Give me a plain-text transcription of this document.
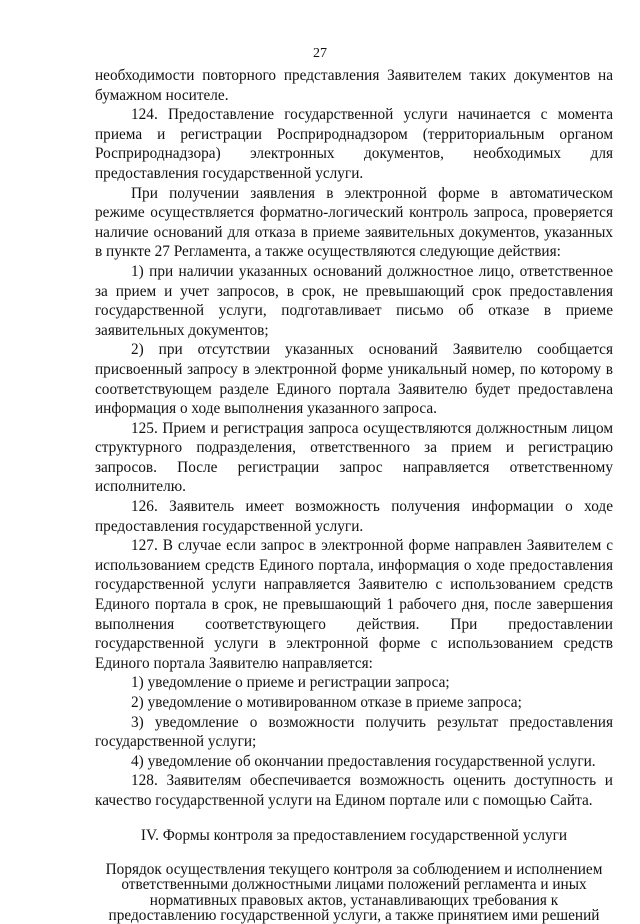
27

необходимости повторного представления Заявителем таких документов на бумажном носителе.

124. Предоставление государственной услуги начинается с момента приема и регистрации Росприроднадзором (территориальным органом Росприроднадзора) электронных документов, необходимых для предоставления государственной услуги.

При получении заявления в электронной форме в автоматическом режиме осуществляется форматно-логический контроль запроса, проверяется наличие оснований для отказа в приеме заявительных документов, указанных в пункте 27 Регламента, а также осуществляются следующие действия:

1) при наличии указанных оснований должностное лицо, ответственное за прием и учет запросов, в срок, не превышающий срок предоставления государственной услуги, подготавливает письмо об отказе в приеме заявительных документов;

2) при отсутствии указанных оснований Заявителю сообщается присвоенный запросу в электронной форме уникальный номер, по которому в соответствующем разделе Единого портала Заявителю будет предоставлена информация о ходе выполнения указанного запроса.

125. Прием и регистрация запроса осуществляются должностным лицом структурного подразделения, ответственного за прием и регистрацию запросов. После регистрации запрос направляется ответственному исполнителю.

126. Заявитель имеет возможность получения информации о ходе предоставления государственной услуги.

127. В случае если запрос в электронной форме направлен Заявителем с использованием средств Единого портала, информация о ходе предоставления государственной услуги направляется Заявителю с использованием средств Единого портала в срок, не превышающий 1 рабочего дня, после завершения выполнения соответствующего действия. При предоставлении государственной услуги в электронной форме с использованием средств Единого портала Заявителю направляется:

1) уведомление о приеме и регистрации запроса;

2) уведомление о мотивированном отказе в приеме запроса;

3) уведомление о возможности получить результат предоставления государственной услуги;

4) уведомление об окончании предоставления государственной услуги.

128. Заявителям обеспечивается возможность оценить доступность и качество государственной услуги на Едином портале или с помощью Сайта.

IV. Формы контроля за предоставлением государственной услуги

Порядок осуществления текущего контроля за соблюдением и исполнением ответственными должностными лицами положений регламента и иных нормативных правовых актов, устанавливающих требования к предоставлению государственной услуги, а также принятием ими решений
